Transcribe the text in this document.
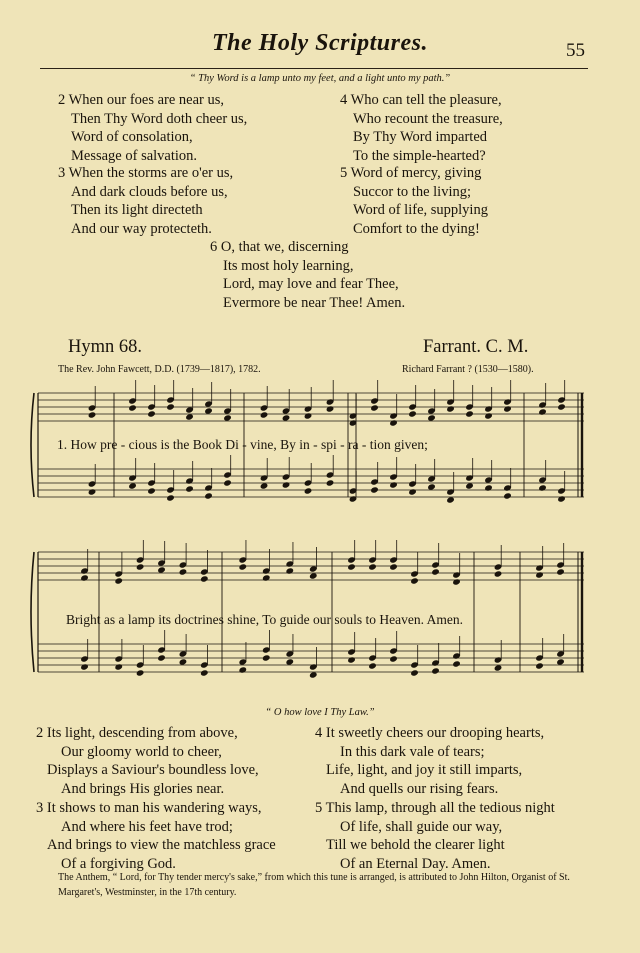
The Holy Scriptures.	55
“ Thy Word is a lamp unto my feet, and a light unto my path.”
2 When our foes are near us,
Then Thy Word doth cheer us,
Word of consolation,
Message of salvation.
3 When the storms are o'er us,
And dark clouds before us,
Then its light directeth
And our way protecteth.
4 Who can tell the pleasure,
Who recount the treasure,
By Thy Word imparted
To the simple-hearted?
5 Word of mercy, giving
Succor to the living;
Word of life, supplying
Comfort to the dying!
6 O, that we, discerning
Its most holy learning,
Lord, may love and fear Thee,
Evermore be near Thee! Amen.
Hymn 68.	Farrant. C. M.
The Rev. John Fawcett, D.D. (1739—1817), 1782.	Richard Farrant ? (1530—1580).
1. How pre - cious is the Book Di - vine, By in - spi - ra - tion given;
Bright as a lamp its doctrines shine, To guide our souls to Heaven. Amen.
“ O how love I Thy Law.”
2 Its light, descending from above,
Our gloomy world to cheer,
Displays a Saviour's boundless love,
And brings His glories near.
3 It shows to man his wandering ways,
And where his feet have trod;
And brings to view the matchless grace
Of a forgiving God.
4 It sweetly cheers our drooping hearts,
In this dark vale of tears;
Life, light, and joy it still imparts,
And quells our rising fears.
5 This lamp, through all the tedious night
Of life, shall guide our way,
Till we behold the clearer light
Of an Eternal Day. Amen.
The Anthem, “ Lord, for Thy tender mercy's sake,” from which this tune is arranged, is attributed to John Hilton, Organist of St. Margaret's, Westminster, in the 17th century.
